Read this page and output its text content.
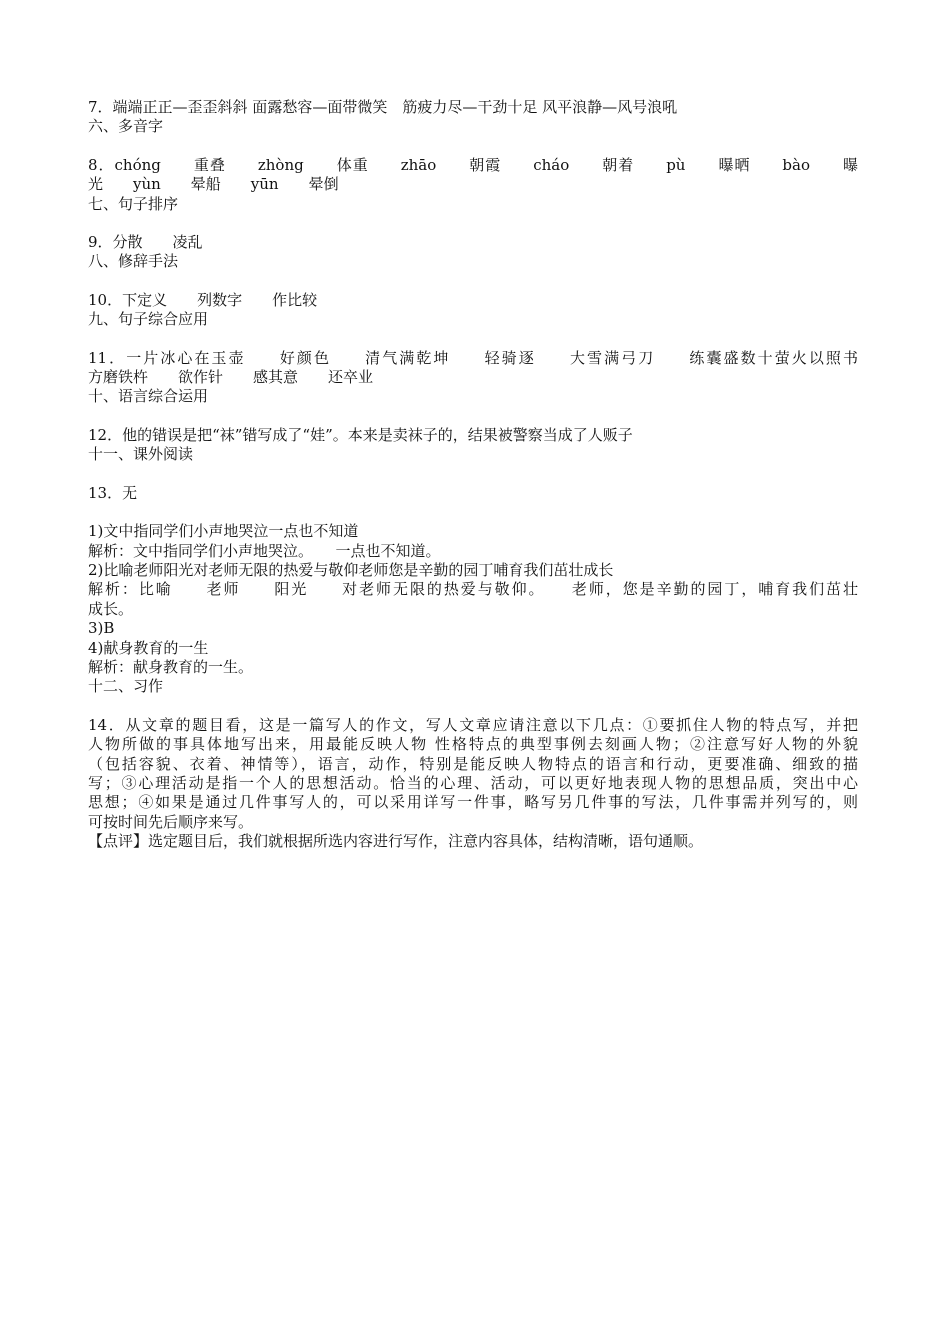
7．端端正正—歪歪斜斜 面露愁容—面带微笑　筋疲力尽—干劲十足 风平浪静—风号浪吼
六、多音字
8．chóng　　重叠　　zhòng　　体重　　zhāo　　朝霞　　cháo　　朝着　　pù　　曝晒　　bào　　曝
光　　yùn　　晕船　　yūn　　晕倒
七、句子排序
9．分散　　凌乱
八、修辞手法
10．下定义　　列数字　　作比较
九、句子综合应用
11．一片冰心在玉壶　　好颜色　　清气满乾坤　　轻骑逐　　大雪满弓刀　　练囊盛数十萤火以照书
方磨铁杵　　欲作针　　感其意　　还卒业
十、语言综合运用
12．他的错误是把“袜”错写成了“娃”。本来是卖袜子的，结果被警察当成了人贩子
十一、课外阅读
13．无
1)文中指同学们小声地哭泣一点也不知道
解析：文中指同学们小声地哭泣。　　一点也不知道。
2)比喻老师阳光对老师无限的热爱与敬仰老师您是辛勤的园丁哺育我们茁壮成长
解析：比喻　　老师　　阳光　　对老师无限的热爱与敬仰。　　老师，您是辛勤的园丁，哺育我们茁壮
成长。
3)B
4)献身教育的一生
解析：献身教育的一生。
十二、习作
14．从文章的题目看，这是一篇写人的作文，写人文章应请注意以下几点：①要抓住人物的特点写，并把
人物所做的事具体地写出来，用最能反映人物 性格特点的典型事例去刻画人物；②注意写好人物的外貌
（包括容貌、衣着、神情等），语言，动作，特别是能反映人物特点的语言和行动，更要准确、细致的描
写；③心理活动是指一个人的思想活动。恰当的心理、活动，可以更好地表现人物的思想品质，突出中心
思想；④如果是通过几件事写人的，可以采用详写一件事，略写另几件事的写法，几件事需并列写的，则
可按时间先后顺序来写。
【点评】选定题目后，我们就根据所选内容进行写作，注意内容具体，结构清晰，语句通顺。
